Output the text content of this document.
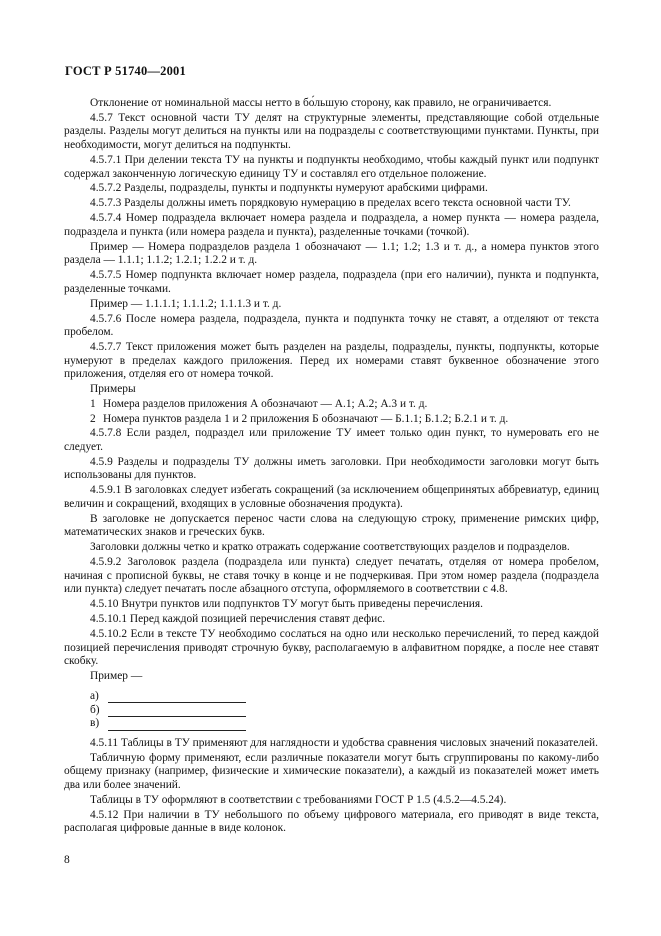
ГОСТ Р 51740—2001

Отклонение от номинальной массы нетто в бо́льшую сторону, как правило, не ограничивается.

4.5.7 Текст основной части ТУ делят на структурные элементы, представляющие собой отдельные разделы. Разделы могут делиться на пункты или на подразделы с соответствующими пунктами. Пункты, при необходимости, могут делиться на подпункты.

4.5.7.1 При делении текста ТУ на пункты и подпункты необходимо, чтобы каждый пункт или подпункт содержал законченную логическую единицу ТУ и составлял его отдельное положение.

4.5.7.2 Разделы, подразделы, пункты и подпункты нумеруют арабскими цифрами.

4.5.7.3 Разделы должны иметь порядковую нумерацию в пределах всего текста основной части ТУ.

4.5.7.4 Номер подраздела включает номера раздела и подраздела, а номер пункта — номера раздела, подраздела и пункта (или номера раздела и пункта), разделенные точками (точкой).

Пример — Номера подразделов раздела 1 обозначают — 1.1; 1.2; 1.3 и т. д., а номера пунктов этого раздела — 1.1.1; 1.1.2; 1.2.1; 1.2.2 и т. д.

4.5.7.5 Номер подпункта включает номер раздела, подраздела (при его наличии), пункта и подпункта, разделенные точками.

Пример — 1.1.1.1; 1.1.1.2; 1.1.1.3 и т. д.

4.5.7.6 После номера раздела, подраздела, пункта и подпункта точку не ставят, а отделяют от текста пробелом.

4.5.7.7 Текст приложения может быть разделен на разделы, подразделы, пункты, подпункты, которые нумеруют в пределах каждого приложения. Перед их номерами ставят буквенное обозначение этого приложения, отделяя его от номера точкой.

Примеры

1 Номера разделов приложения А обозначают — А.1; А.2; А.3 и т. д.
2 Номера пунктов раздела 1 и 2 приложения Б обозначают — Б.1.1; Б.1.2; Б.2.1 и т. д.

4.5.7.8 Если раздел, подраздел или приложение ТУ имеет только один пункт, то нумеровать его не следует.

4.5.9 Разделы и подразделы ТУ должны иметь заголовки. При необходимости заголовки могут быть использованы для пунктов.

4.5.9.1 В заголовках следует избегать сокращений (за исключением общепринятых аббревиатур, единиц величин и сокращений, входящих в условные обозначения продукта).

В заголовке не допускается перенос части слова на следующую строку, применение римских цифр, математических знаков и греческих букв.

Заголовки должны четко и кратко отражать содержание соответствующих разделов и подразделов.

4.5.9.2 Заголовок раздела (подраздела или пункта) следует печатать, отделяя от номера пробелом, начиная с прописной буквы, не ставя точку в конце и не подчеркивая. При этом номер раздела (подраздела или пункта) следует печатать после абзацного отступа, оформляемого в соответствии с 4.8.

4.5.10 Внутри пунктов или подпунктов ТУ могут быть приведены перечисления.

4.5.10.1 Перед каждой позицией перечисления ставят дефис.

4.5.10.2 Если в тексте ТУ необходимо сослаться на одно или несколько перечислений, то перед каждой позицией перечисления приводят строчную букву, располагаемую в алфавитном порядке, а после нее ставят скобку.

Пример —

а)
б)
в)

4.5.11 Таблицы в ТУ применяют для наглядности и удобства сравнения числовых значений показателей.

Табличную форму применяют, если различные показатели могут быть сгруппированы по какому-либо общему признаку (например, физические и химические показатели), а каждый из показателей может иметь два или более значений.

Таблицы в ТУ оформляют в соответствии с требованиями ГОСТ Р 1.5 (4.5.2—4.5.24).

4.5.12 При наличии в ТУ небольшого по объему цифрового материала, его приводят в виде текста, располагая цифровые данные в виде колонок.

8
